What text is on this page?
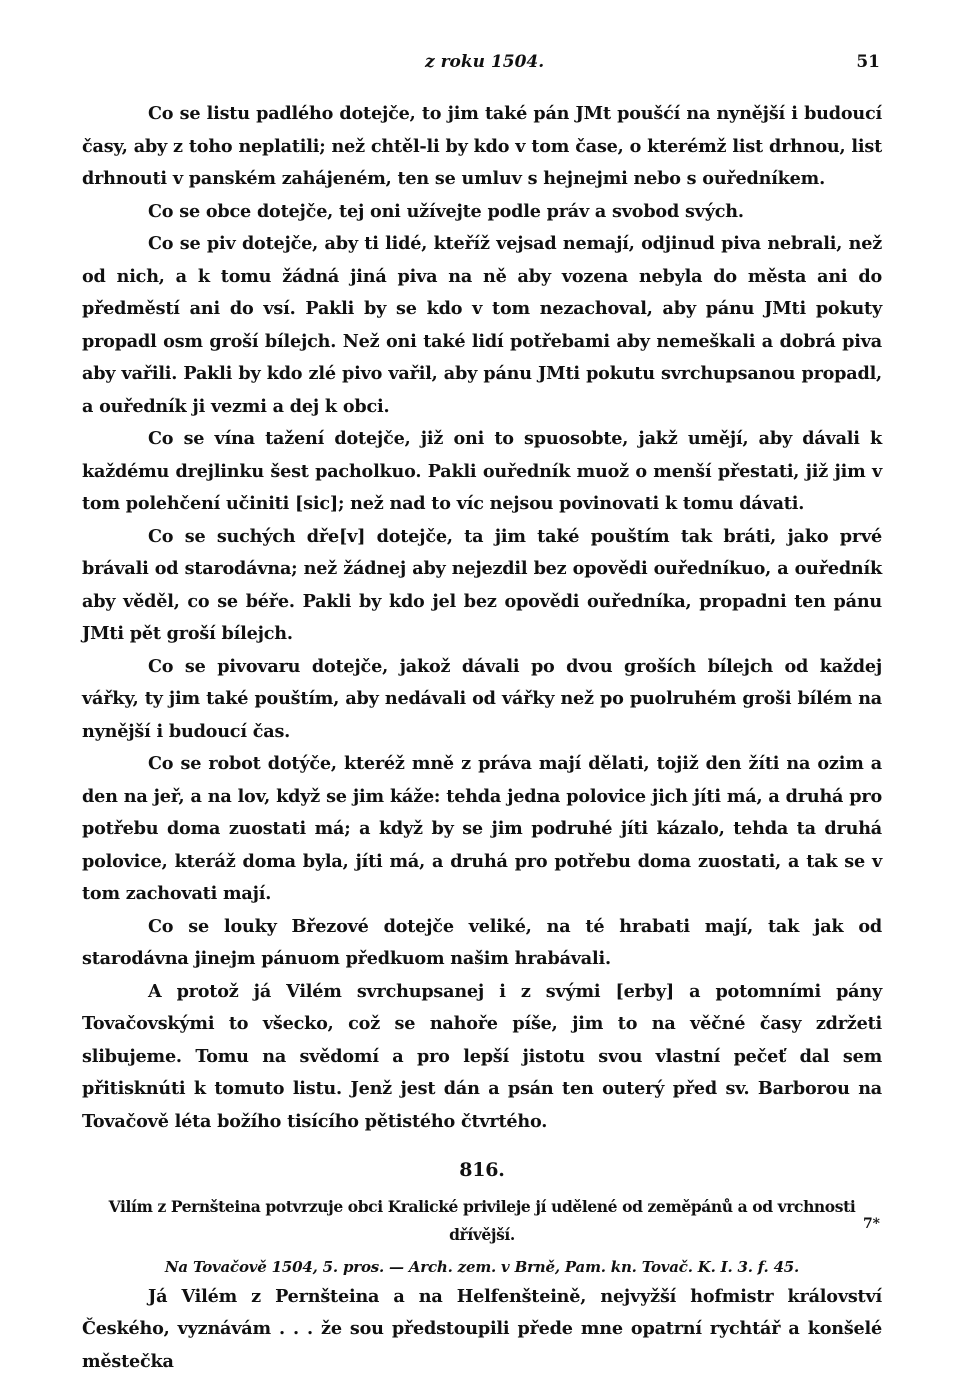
z roku 1504.	51

Co se listu padlého dotejče, to jim také pán JMt poušćí na nynější i budoucí časy, aby z toho neplatili; než chtěl-li by kdo v tom čase, o kterémž list drhnou, list drhnouti v panském zahájeném, ten se umluv s hejnejmi nebo s ouředníkem.

Co se obce dotejče, tej oni užívejte podle práv a svobod svých.

Co se piv dotejče, aby ti lidé, kteříž vejsad nemají, odjinud piva nebrali, než od nich, a k tomu žádná jiná piva na ně aby vozena nebyla do města ani do předměstí ani do vsí. Pakli by se kdo v tom nezachoval, aby pánu JMti pokuty propadl osm groší bílejch. Než oni také lidí potřebami aby nemeškali a dobrá piva aby vařili. Pakli by kdo zlé pivo vařil, aby pánu JMti pokutu svrchupsanou propadl, a ouředník ji vezmi a dej k obci.

Co se vína tažení dotejče, již oni to spuosobte, jakž umějí, aby dávali k každému drejlinku šest pacholkuo. Pakli ouředník muož o menší přestati, již jim v tom polehčení učiniti [sic]; než nad to víc nejsou povinovati k tomu dávati.

Co se suchých dře[v] dotejče, ta jim také pouštím tak bráti, jako prvé brávali od starodávna; než žádnej aby nejezdil bez opovědi ouředníkuo, a ouředník aby věděl, co se béře. Pakli by kdo jel bez opovědi ouředníka, propadni ten pánu JMti pět groší bílejch.

Co se pivovaru dotejče, jakož dávali po dvou groších bílejch od každej vářky, ty jim také pouštím, aby nedávali od vářky než po puolruhém groši bílém na nynější i budoucí čas.

Co se robot dotýče, kteréž mně z práva mají dělati, tojiž den žíti na ozim a den na jeř, a na lov, když se jim káže: tehda jedna polovice jich jíti má, a druhá pro potřebu doma zuostati má; a když by se jim podruhé jíti kázalo, tehda ta druhá polovice, kteráž doma byla, jíti má, a druhá pro potřebu doma zuostati, a tak se v tom zachovati mají.

Co se louky Březové dotejče veliké, na té hrabati mají, tak jak od starodávna jinejm pánuom předkuom našim hrabávali.

A protož já Vilém svrchupsanej i z svými [erby] a potomními pány Tovačovskými to všecko, což se nahoře píše, jim to na věčné časy zdržeti slibujeme. Tomu na svědomí a pro lepší jistotu svou vlastní pečeť dal sem přitisknúti k tomuto listu. Jenž jest dán a psán ten outerý před sv. Barborou na Tovačově léta božího tisícího pětistého čtvrtého.

816.
Vilím z Pernšteina potvrzuje obci Kralické privileje jí udělené od zeměpánů a od vrchnosti dřívější.
Na Tovačově 1504, 5. pros. — Arch. zem. v Brně, Pam. kn. Tovač. K. I. 3. f. 45.

Já Vilém z Pernšteina a na Helfenšteině, nejvyžší hofmistr království Českého, vyznávám . . . že sou předstoupili přede mne opatrní rychtář a konšelé městečka

7*
